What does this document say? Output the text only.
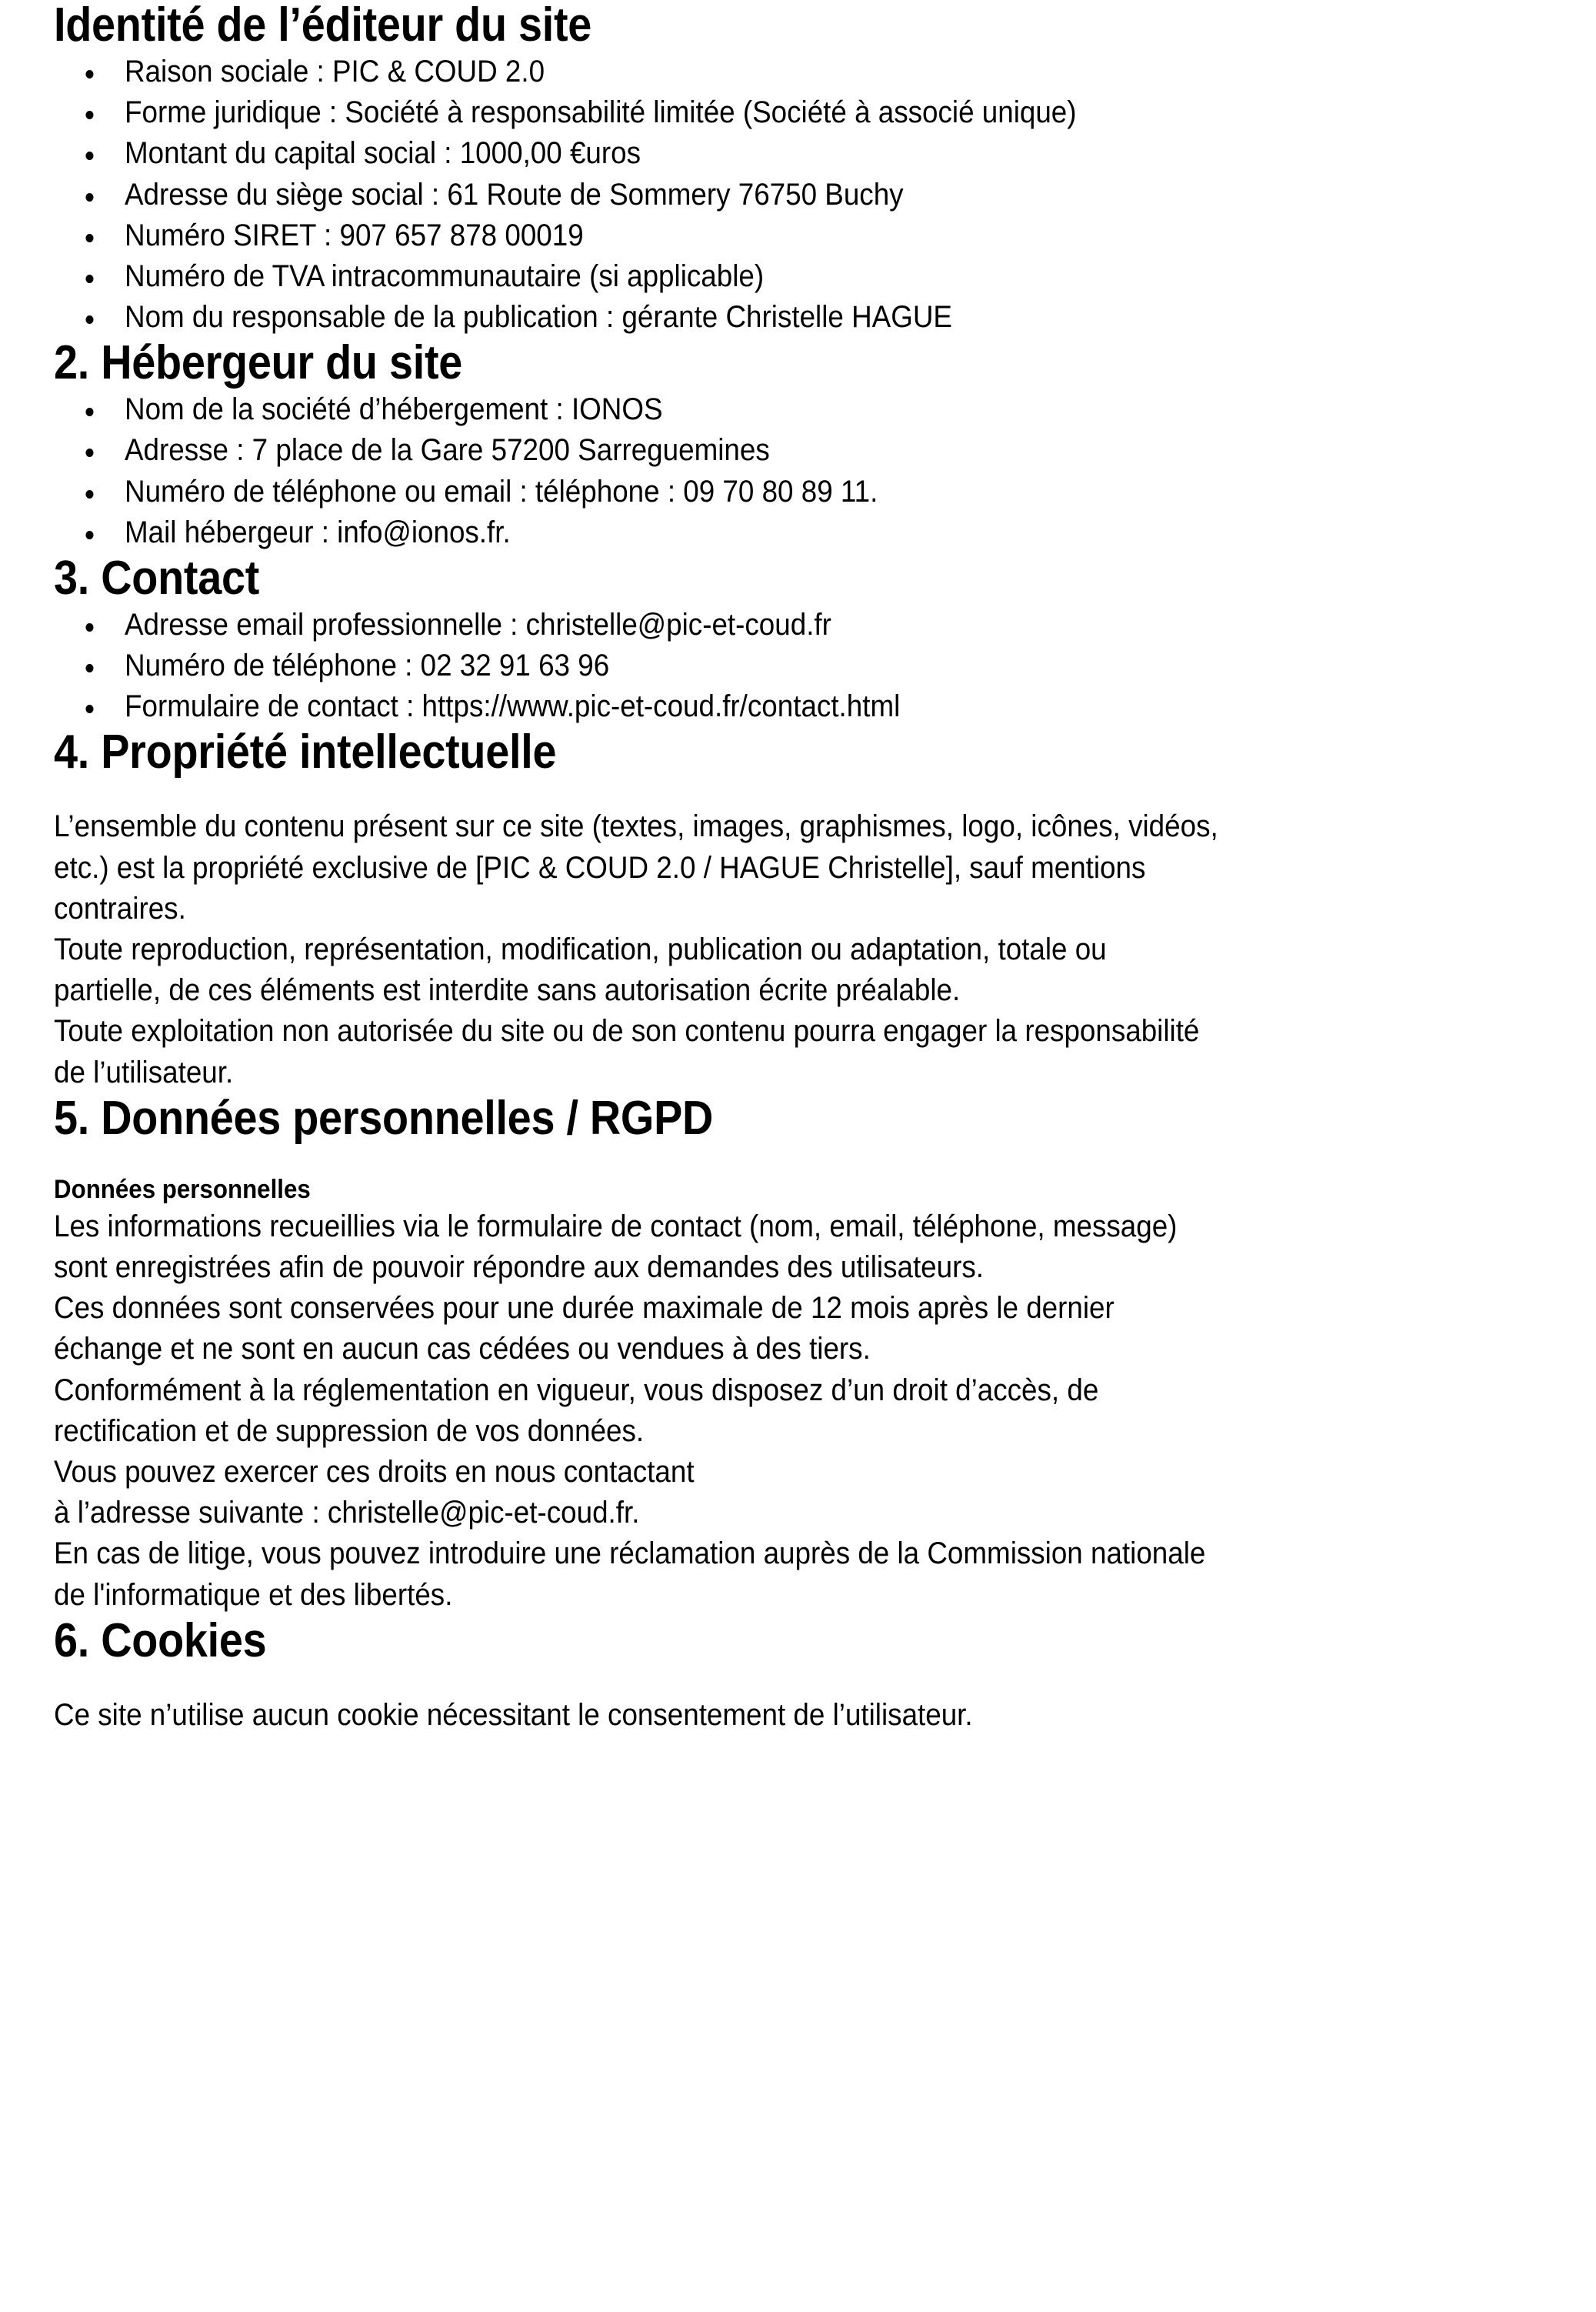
Identité de l’éditeur du site
Raison sociale : PIC & COUD 2.0
Forme juridique : Société à responsabilité limitée (Société à associé unique)
Montant du capital social : 1000,00 €uros
Adresse du siège social : 61 Route de Sommery 76750 Buchy
Numéro SIRET : 907 657 878 00019
Numéro de TVA intracommunautaire (si applicable)
Nom du responsable de la publication : gérante Christelle HAGUE
2. Hébergeur du site
Nom de la société d’hébergement : IONOS
Adresse : 7 place de la Gare 57200 Sarreguemines
Numéro de téléphone ou email : téléphone : 09 70 80 89 11.
Mail hébergeur : info@ionos.fr.
3. Contact
Adresse email professionnelle : christelle@pic-et-coud.fr
Numéro de téléphone : 02 32 91 63 96
Formulaire de contact : https://www.pic-et-coud.fr/contact.html
4. Propriété intellectuelle

L’ensemble du contenu présent sur ce site (textes, images, graphismes, logo, icônes, vidéos,

etc.) est la propriété exclusive de [PIC & COUD 2.0 / HAGUE Christelle], sauf mentions

contraires.

Toute reproduction, représentation, modification, publication ou adaptation, totale ou

partielle, de ces éléments est interdite sans autorisation écrite préalable.

Toute exploitation non autorisée du site ou de son contenu pourra engager la responsabilité

de l’utilisateur.

5. Données personnelles / RGPD

Données personnelles

Les informations recueillies via le formulaire de contact (nom, email, téléphone, message)

sont enregistrées afin de pouvoir répondre aux demandes des utilisateurs.

Ces données sont conservées pour une durée maximale de 12 mois après le dernier

échange et ne sont en aucun cas cédées ou vendues à des tiers.

Conformément à la réglementation en vigueur, vous disposez d’un droit d’accès, de

rectification et de suppression de vos données.

Vous pouvez exercer ces droits en nous contactant

à l’adresse suivante : christelle@pic-et-coud.fr.

En cas de litige, vous pouvez introduire une réclamation auprès de la Commission nationale

de l'informatique et des libertés.

6. Cookies

Ce site n’utilise aucun cookie nécessitant le consentement de l’utilisateur.
